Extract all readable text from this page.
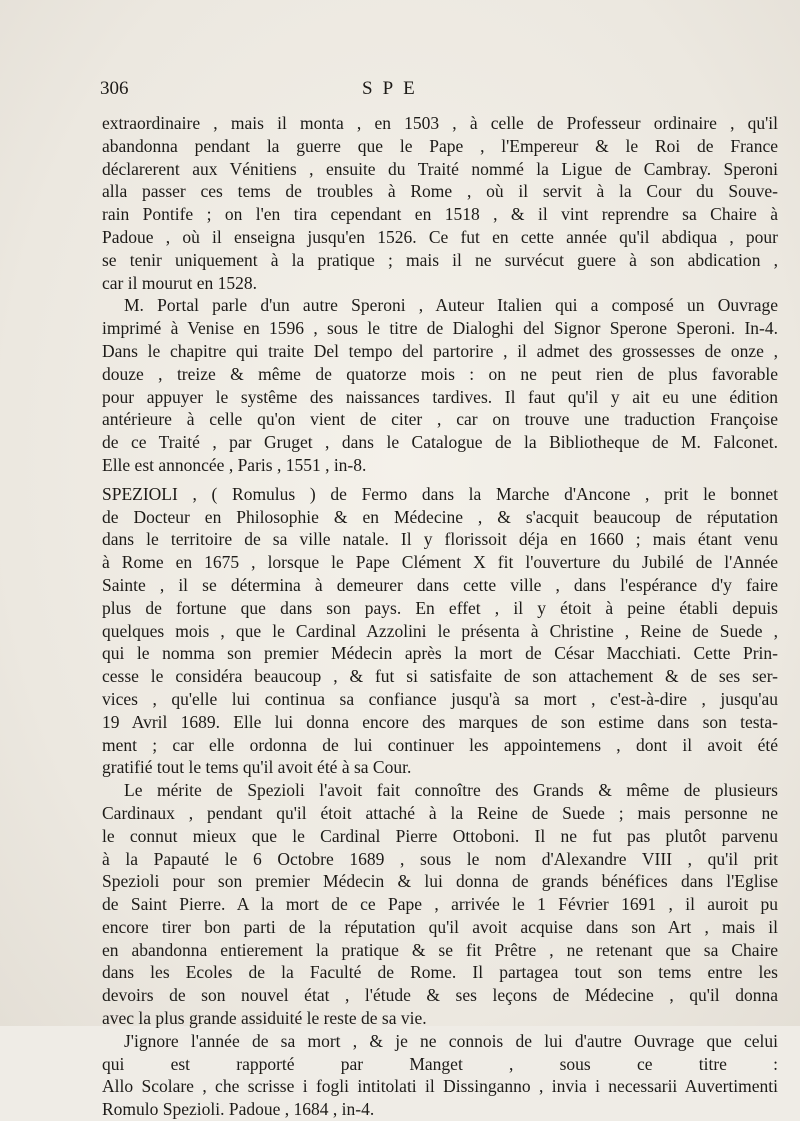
306	SPE

extraordinaire , mais il monta , en 1503 , à celle de Professeur ordinaire , qu'il
abandonna pendant la guerre que le Pape , l'Empereur & le Roi de France
déclarerent aux Vénitiens , ensuite du Traité nommé la Ligue de Cambray. Speroni
alla passer ces tems de troubles à Rome , où il servit à la Cour du Souve-
rain Pontife ; on l'en tira cependant en 1518 , & il vint reprendre sa Chaire à
Padoue , où il enseigna jusqu'en 1526. Ce fut en cette année qu'il abdiqua , pour
se tenir uniquement à la pratique ; mais il ne survécut guere à son abdication ,
car il mourut en 1528.

M. Portal parle d'un autre Speroni , Auteur Italien qui a composé un Ouvrage
imprimé à Venise en 1596 , sous le titre de Dialoghi del Signor Sperone Speroni. In-4.
Dans le chapitre qui traite Del tempo del partorire , il admet des grossesses de onze ,
douze , treize & même de quatorze mois : on ne peut rien de plus favorable
pour appuyer le systême des naissances tardives. Il faut qu'il y ait eu une édition
antérieure à celle qu'on vient de citer , car on trouve une traduction Françoise
de ce Traité , par Gruget , dans le Catalogue de la Bibliotheque de M. Falconet.
Elle est annoncée , Paris , 1551 , in-8.

SPEZIOLI , ( Romulus ) de Fermo dans la Marche d'Ancone , prit le bonnet
de Docteur en Philosophie & en Médecine , & s'acquit beaucoup de réputation
dans le territoire de sa ville natale. Il y florissoit déja en 1660 ; mais étant venu
à Rome en 1675 , lorsque le Pape Clément X fit l'ouverture du Jubilé de l'Année
Sainte , il se détermina à demeurer dans cette ville , dans l'espérance d'y faire
plus de fortune que dans son pays. En effet , il y étoit à peine établi depuis
quelques mois , que le Cardinal Azzolini le présenta à Christine , Reine de Suede ,
qui le nomma son premier Médecin après la mort de César Macchiati. Cette Prin-
cesse le considéra beaucoup , & fut si satisfaite de son attachement & de ses ser-
vices , qu'elle lui continua sa confiance jusqu'à sa mort , c'est-à-dire , jusqu'au
19 Avril 1689. Elle lui donna encore des marques de son estime dans son testa-
ment ; car elle ordonna de lui continuer les appointemens , dont il avoit été
gratifié tout le tems qu'il avoit été à sa Cour.

Le mérite de Spezioli l'avoit fait connoître des Grands & même de plusieurs
Cardinaux , pendant qu'il étoit attaché à la Reine de Suede ; mais personne ne
le connut mieux que le Cardinal Pierre Ottoboni. Il ne fut pas plutôt parvenu
à la Papauté le 6 Octobre 1689 , sous le nom d'Alexandre VIII , qu'il prit
Spezioli pour son premier Médecin & lui donna de grands bénéfices dans l'Eglise
de Saint Pierre. A la mort de ce Pape , arrivée le 1 Février 1691 , il auroit pu
encore tirer bon parti de la réputation qu'il avoit acquise dans son Art , mais il
en abandonna entierement la pratique & se fit Prêtre , ne retenant que sa Chaire
dans les Ecoles de la Faculté de Rome. Il partagea tout son tems entre les
devoirs de son nouvel état , l'étude & ses leçons de Médecine , qu'il donna
avec la plus grande assiduité le reste de sa vie.

J'ignore l'année de sa mort , & je ne connois de lui d'autre Ouvrage que celui
qui est rapporté par Manget , sous ce titre :
Allo Scolare , che scrisse i fogli intitolati il Dissinganno , invia i necessarii Auvertimenti
Romulo Spezioli. Padoue , 1684 , in-4.
